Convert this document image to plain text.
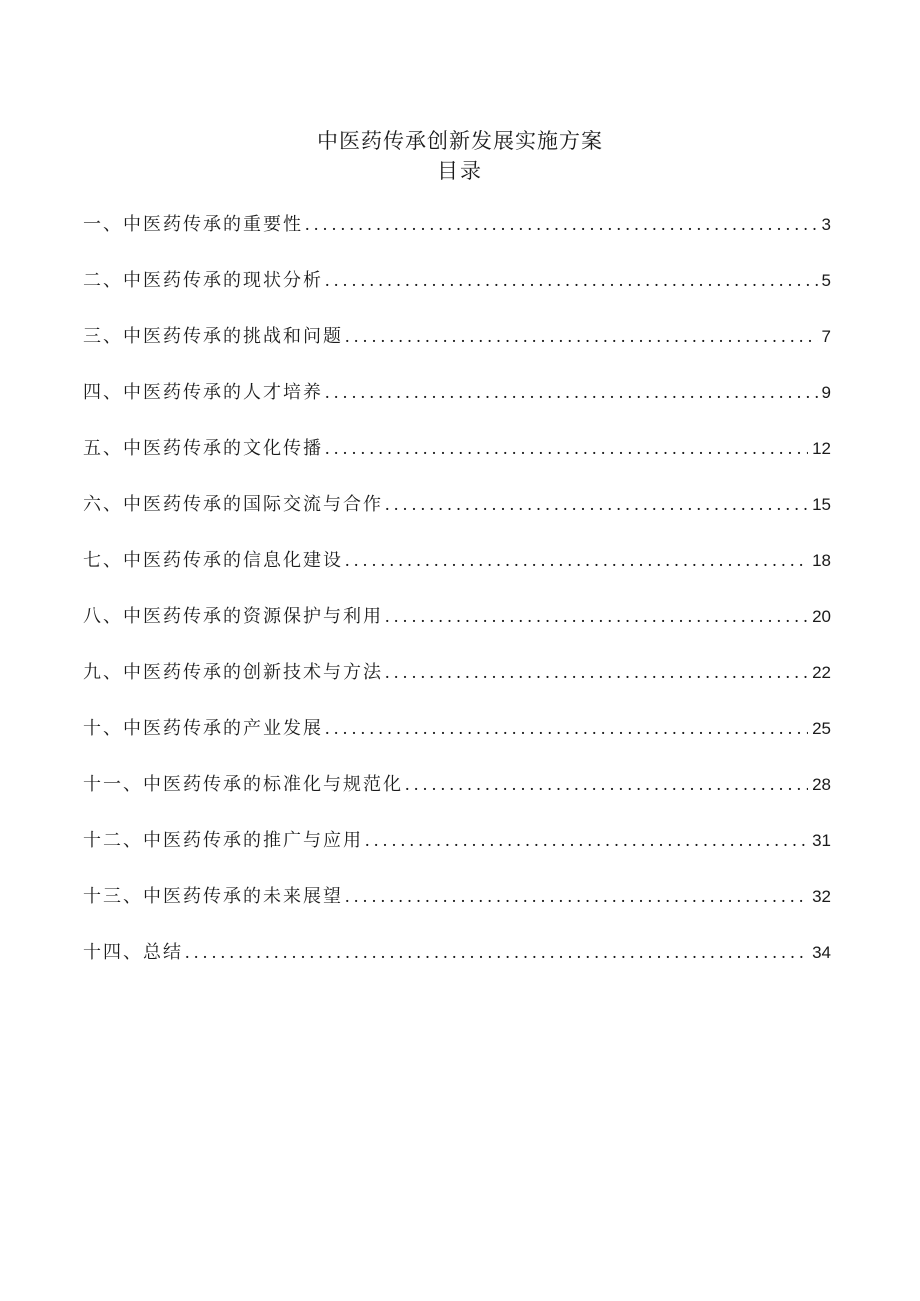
中医药传承创新发展实施方案
目录
一、中医药传承的重要性 .....	3
二、中医药传承的现状分析 .....	5
三、中医药传承的挑战和问题 .....	7
四、中医药传承的人才培养 .....	9
五、中医药传承的文化传播 .....	12
六、中医药传承的国际交流与合作 .....	15
七、中医药传承的信息化建设 .....	18
八、中医药传承的资源保护与利用 .....	20
九、中医药传承的创新技术与方法 .....	22
十、中医药传承的产业发展 .....	25
十一、中医药传承的标准化与规范化 .....	28
十二、中医药传承的推广与应用 .....	31
十三、中医药传承的未来展望 .....	32
十四、总结 .....	34
